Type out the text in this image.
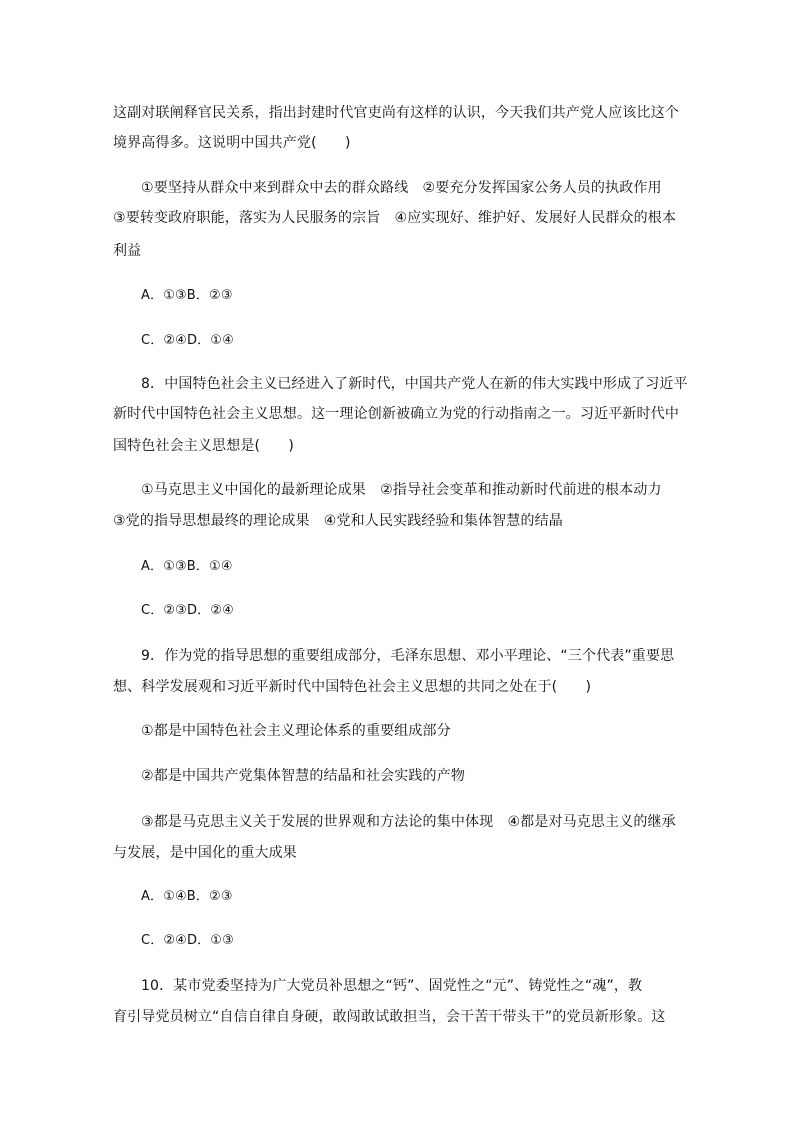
这副对联阐释官民关系，指出封建时代官吏尚有这样的认识，今天我们共产党人应该比这个
境界高得多。这说明中国共产党(　　)
①要坚持从群众中来到群众中去的群众路线　②要充分发挥国家公务人员的执政作用
③要转变政府职能，落实为人民服务的宗旨　④应实现好、维护好、发展好人民群众的根本
利益
A．①③B．②③
C．②④D．①④
8．中国特色社会主义已经进入了新时代，中国共产党人在新的伟大实践中形成了习近平
新时代中国特色社会主义思想。这一理论创新被确立为党的行动指南之一。习近平新时代中
国特色社会主义思想是(　　)
①马克思主义中国化的最新理论成果　②指导社会变革和推动新时代前进的根本动力
③党的指导思想最终的理论成果　④党和人民实践经验和集体智慧的结晶
A．①③B．①④
C．②③D．②④
9．作为党的指导思想的重要组成部分，毛泽东思想、邓小平理论、“三个代表”重要思
想、科学发展观和习近平新时代中国特色社会主义思想的共同之处在于(　　)
①都是中国特色社会主义理论体系的重要组成部分
②都是中国共产党集体智慧的结晶和社会实践的产物
③都是马克思主义关于发展的世界观和方法论的集中体现　④都是对马克思主义的继承
与发展，是中国化的重大成果
A．①④B．②③
C．②④D．①③
10．某市党委坚持为广大党员补思想之“钙”、固党性之“元”、铸党性之“魂”，教
育引导党员树立“自信自律自身硬，敢闯敢试敢担当，会干苦干带头干”的党员新形象。这
